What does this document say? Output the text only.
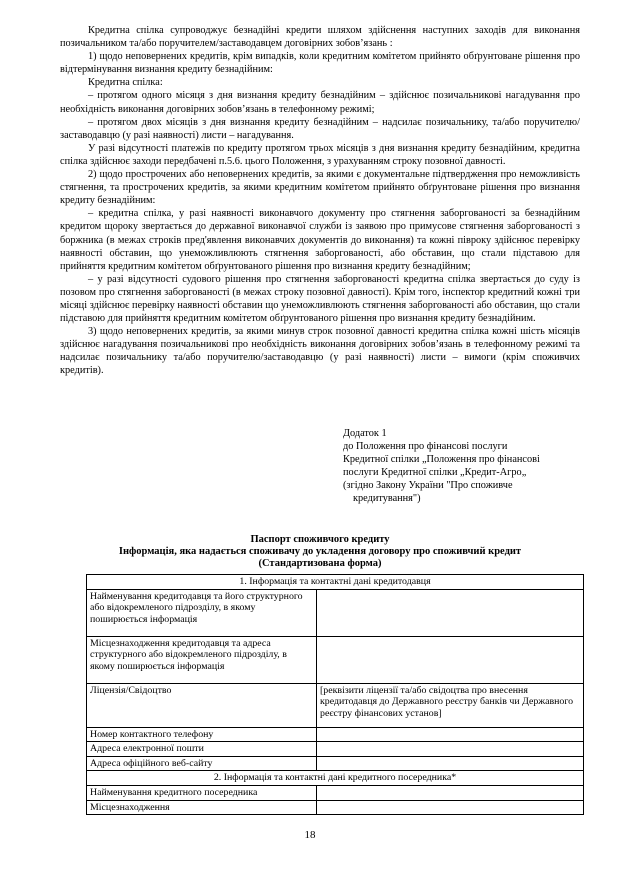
Кредитна спілка супроводжує безнадійні кредити шляхом здійснення наступних заходів для виконання позичальником та/або поручителем/заставодавцем договірних зобов’язань :

1) щодо неповернених кредитів, крім випадків, коли кредитним комітетом прийнято обґрунтоване рішення про відтермінування визнання кредиту безнадійним:

Кредитна спілка:

– протягом одного місяця з дня визнання кредиту безнадійним – здійснює позичальникові нагадування про необхідність виконання договірних зобов’язань в телефонному режимі;

– протягом двох місяців з дня визнання кредиту безнадійним – надсилає позичальнику, та/або поручителю/заставодавцю (у разі наявності) листи – нагадування.

У разі відсутності платежів по кредиту протягом трьох місяців з дня визнання кредиту безнадійним, кредитна спілка здійснює заходи передбачені п.5.6. цього Положення, з урахуванням строку позовної давності.

2) щодо прострочених або неповернених кредитів, за якими є документальне підтвердження про неможливість стягнення, та прострочених кредитів, за якими кредитним комітетом прийнято обґрунтоване рішення про визнання кредиту безнадійним:

– кредитна спілка, у разі наявності виконавчого документу про стягнення заборгованості за безнадійним кредитом щороку звертається до державної виконавчої служби із заявою про примусове стягнення заборгованості з боржника (в межах строків пред'явлення виконавчих документів до виконання) та кожні півроку здійснює перевірку наявності обставин, що унеможливлюють стягнення заборгованості, або обставин, що стали підставою для прийняття кредитним комітетом обґрунтованого рішення про визнання кредиту безнадійним;

– у разі відсутності судового рішення про стягнення заборгованості кредитна спілка звертається до суду із позовом про стягнення заборгованості (в межах строку позовної давності). Крім того, інспектор кредитний кожні три місяці здійснює перевірку наявності обставин що унеможливлюють стягнення заборгованості або обставин, що стали підставою для прийняття кредитним комітетом обґрунтованого рішення про визнання кредиту безнадійним.

3) щодо неповернених кредитів, за якими минув строк позовної давності кредитна спілка кожні шість місяців здійснює нагадування позичальникові про необхідність виконання договірних зобов’язань в телефонному режимі та надсилає позичальнику та/або поручителю/заставодавцю (у разі наявності) листи – вимоги (крім споживчих кредитів).

Додаток 1
до Положення про фінансові послуги
Кредитної спілки „Положення про фінансові
послуги Кредитної спілки „Кредит-Агро„
(згідно Закону України "Про споживче
кредитування")
Паспорт споживчого кредиту
Інформація, яка надається споживачу до укладення договору про споживчий кредит
(Стандартизована форма)
1. Інформація та контактні дані кредитодавця	
Найменування кредитодавця та його структурного або відокремленого підрозділу, в якому поширюється інформація	
Місцезнаходження кредитодавця та адреса структурного або відокремленого підрозділу, в якому поширюється інформація	
Ліцензія/Свідоцтво	[реквізити ліцензії та/або свідоцтва про внесення кредитодавця до Державного реєстру банків чи Державного реєстру фінансових установ]
Номер контактного телефону	
Адреса електронної пошти	
Адреса офіційного веб-сайту	
2. Інформація та контактні дані кредитного посередника*	
Найменування кредитного посередника	
Місцезнаходження	
18
